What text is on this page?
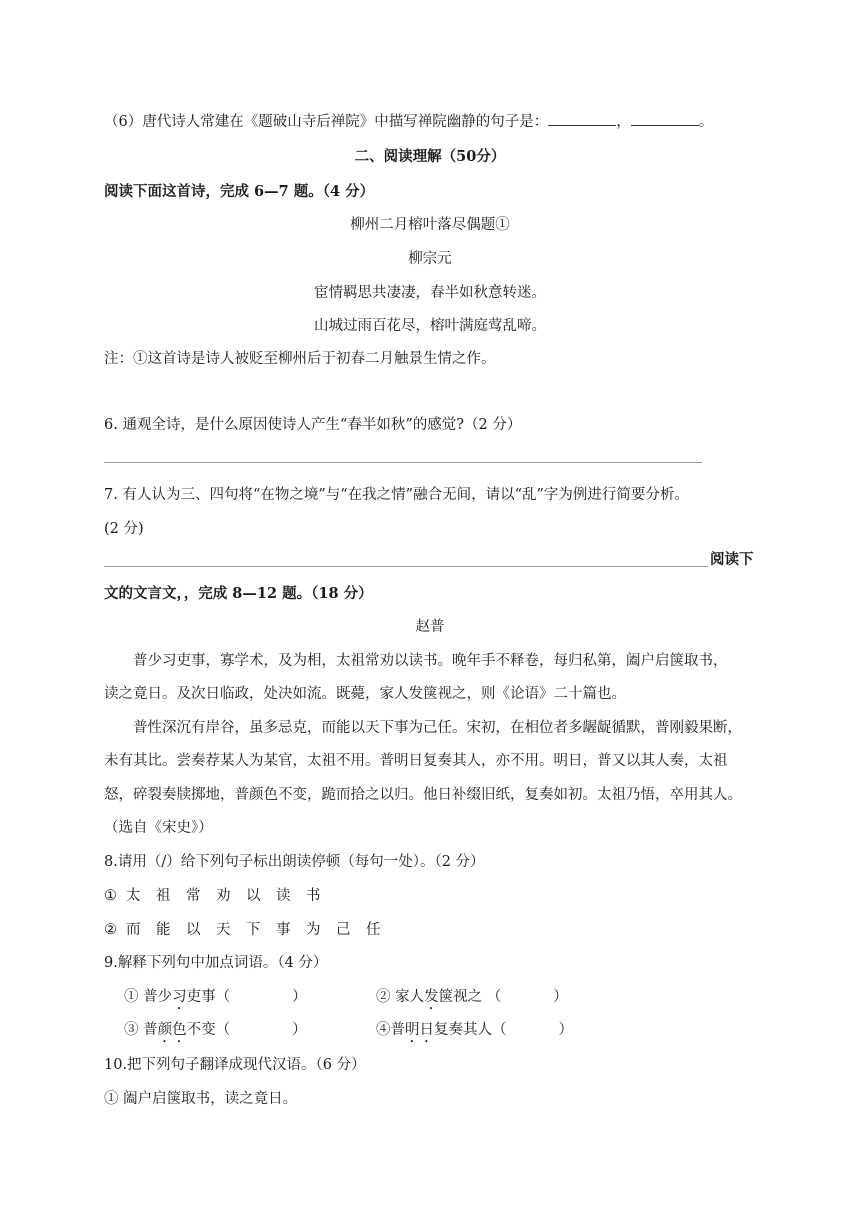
（6）唐代诗人常建在《题破山寺后禅院》中描写禅院幽静的句子是：	，	。
二、阅读理解（50分）
阅读下面这首诗，完成 6—7 题。（4 分）
柳州二月榕叶落尽偶题①
柳宗元
宦情羁思共凄凄，春半如秋意转迷。
山城过雨百花尽，榕叶满庭莺乱啼。
注：①这首诗是诗人被贬至柳州后于初春二月触景生情之作。
6. 通观全诗，是什么原因使诗人产生“春半如秋”的感觉?（2 分）
7. 有人认为三、四句将“在物之境”与“在我之情”融合无间，请以“乱”字为例进行简要分析。
(2 分)
阅读下
文的文言文，，完成 8—12 题。（18 分）
赵普
普少习吏事，寡学术，及为相，太祖常劝以读书。晚年手不释卷，每归私第，阖户启箧取书，
读之竟日。及次日临政，处决如流。既薨，家人发箧视之，则《论语》二十篇也。
普性深沉有岸谷，虽多忌克，而能以天下事为己任。宋初，在相位者多龌龊循默，普刚毅果断，
未有其比。尝奏荐某人为某官，太祖不用。普明日复奏其人，亦不用。明日，普又以其人奏，太祖
怒，碎裂奏牍掷地，普颜色不变，跪而拾之以归。他日补缀旧纸，复奏如初。太祖乃悟，卒用其人。
（选自《宋史》）
8.请用（/）给下列句子标出朗读停顿（每句一处）。（2 分）
① 太 祖 常 劝 以 读 书
② 而 能 以 天 下 事 为 己 任
9.解释下列句中加点词语。（4 分）
① 普少习吏事（	）	② 家人发箧视之 （	）
③ 普颜色不变（	）	④普明日复奏其人（	）
10.把下列句子翻译成现代汉语。（6 分）
① 阖户启箧取书，读之竟日。
